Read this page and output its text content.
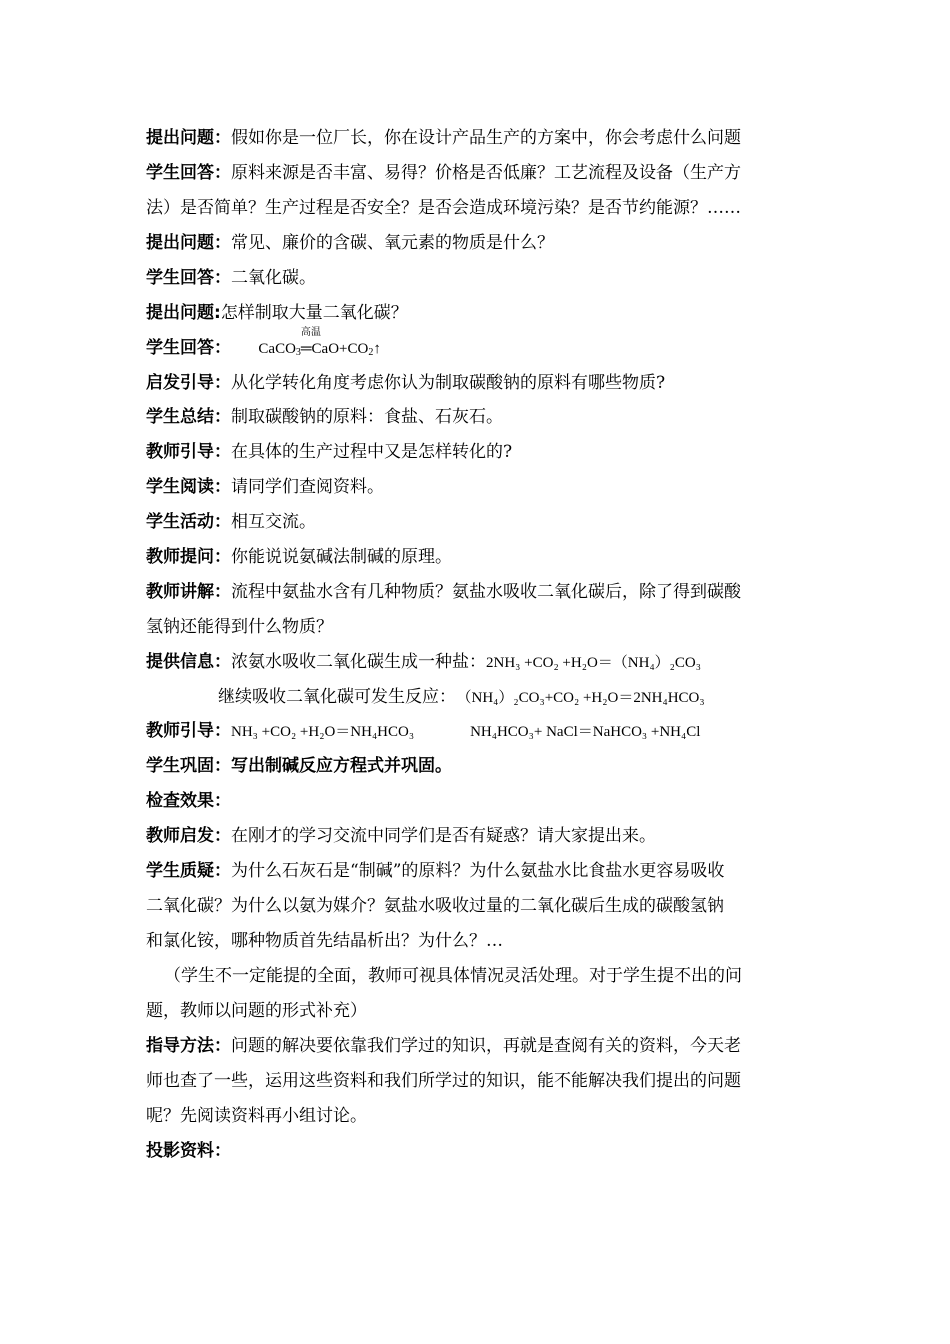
提出问题：假如你是一位厂长，你在设计产品生产的方案中，你会考虑什么问题
学生回答：原料来源是否丰富、易得？价格是否低廉？工艺流程及设备（生产方
法）是否简单？生产过程是否安全？是否会造成环境污染？是否节约能源？……
提出问题：常见、廉价的含碳、氧元素的物质是什么？
学生回答：二氧化碳。
提出问题:怎样制取大量二氧化碳？
学生回答： CaCO$_3$
高温
$═CaO+CO_2↑$
启发引导：从化学转化角度考虑你认为制取碳酸钠的原料有哪些物质?
学生总结：制取碳酸钠的原料：食盐、石灰石。
教师引导：在具体的生产过程中又是怎样转化的?
学生阅读：请同学们查阅资料。
学生活动：相互交流。
教师提问：你能说说氨碱法制碱的原理。
教师讲解：流程中氨盐水含有几种物质？氨盐水吸收二氧化碳后，除了得到碳酸
氢钠还能得到什么物质？
提供信息：浓氨水吸收二氧化碳生成一种盐：2NH₃ +CO₂ +H₂O＝（NH₄）₂CO₃
继续吸收二氧化碳可发生反应： （NH₄）₂CO₃+CO₂ +H₂O＝2NH₄HCO₃
教师引导：NH₃ +CO₂ +H₂O＝NH₄HCO₃	NH₄HCO₃+ NaCl＝NaHCO₃ +NH₄Cl
学生巩固：写出制碱反应方程式并巩固。
检查效果：
教师启发：在刚才的学习交流中同学们是否有疑惑？请大家提出来。
学生质疑：为什么石灰石是“制碱”的原料？为什么氨盐水比食盐水更容易吸收
二氧化碳？为什么以氨为媒介？氨盐水吸收过量的二氧化碳后生成的碳酸氢钠
和氯化铵，哪种物质首先结晶析出？为什么？…
（学生不一定能提的全面，教师可视具体情况灵活处理。对于学生提不出的问
题，教师以问题的形式补充）
指导方法：问题的解决要依靠我们学过的知识，再就是查阅有关的资料，今天老
师也查了一些，运用这些资料和我们所学过的知识，能不能解决我们提出的问题
呢？先阅读资料再小组讨论。
投影资料：
